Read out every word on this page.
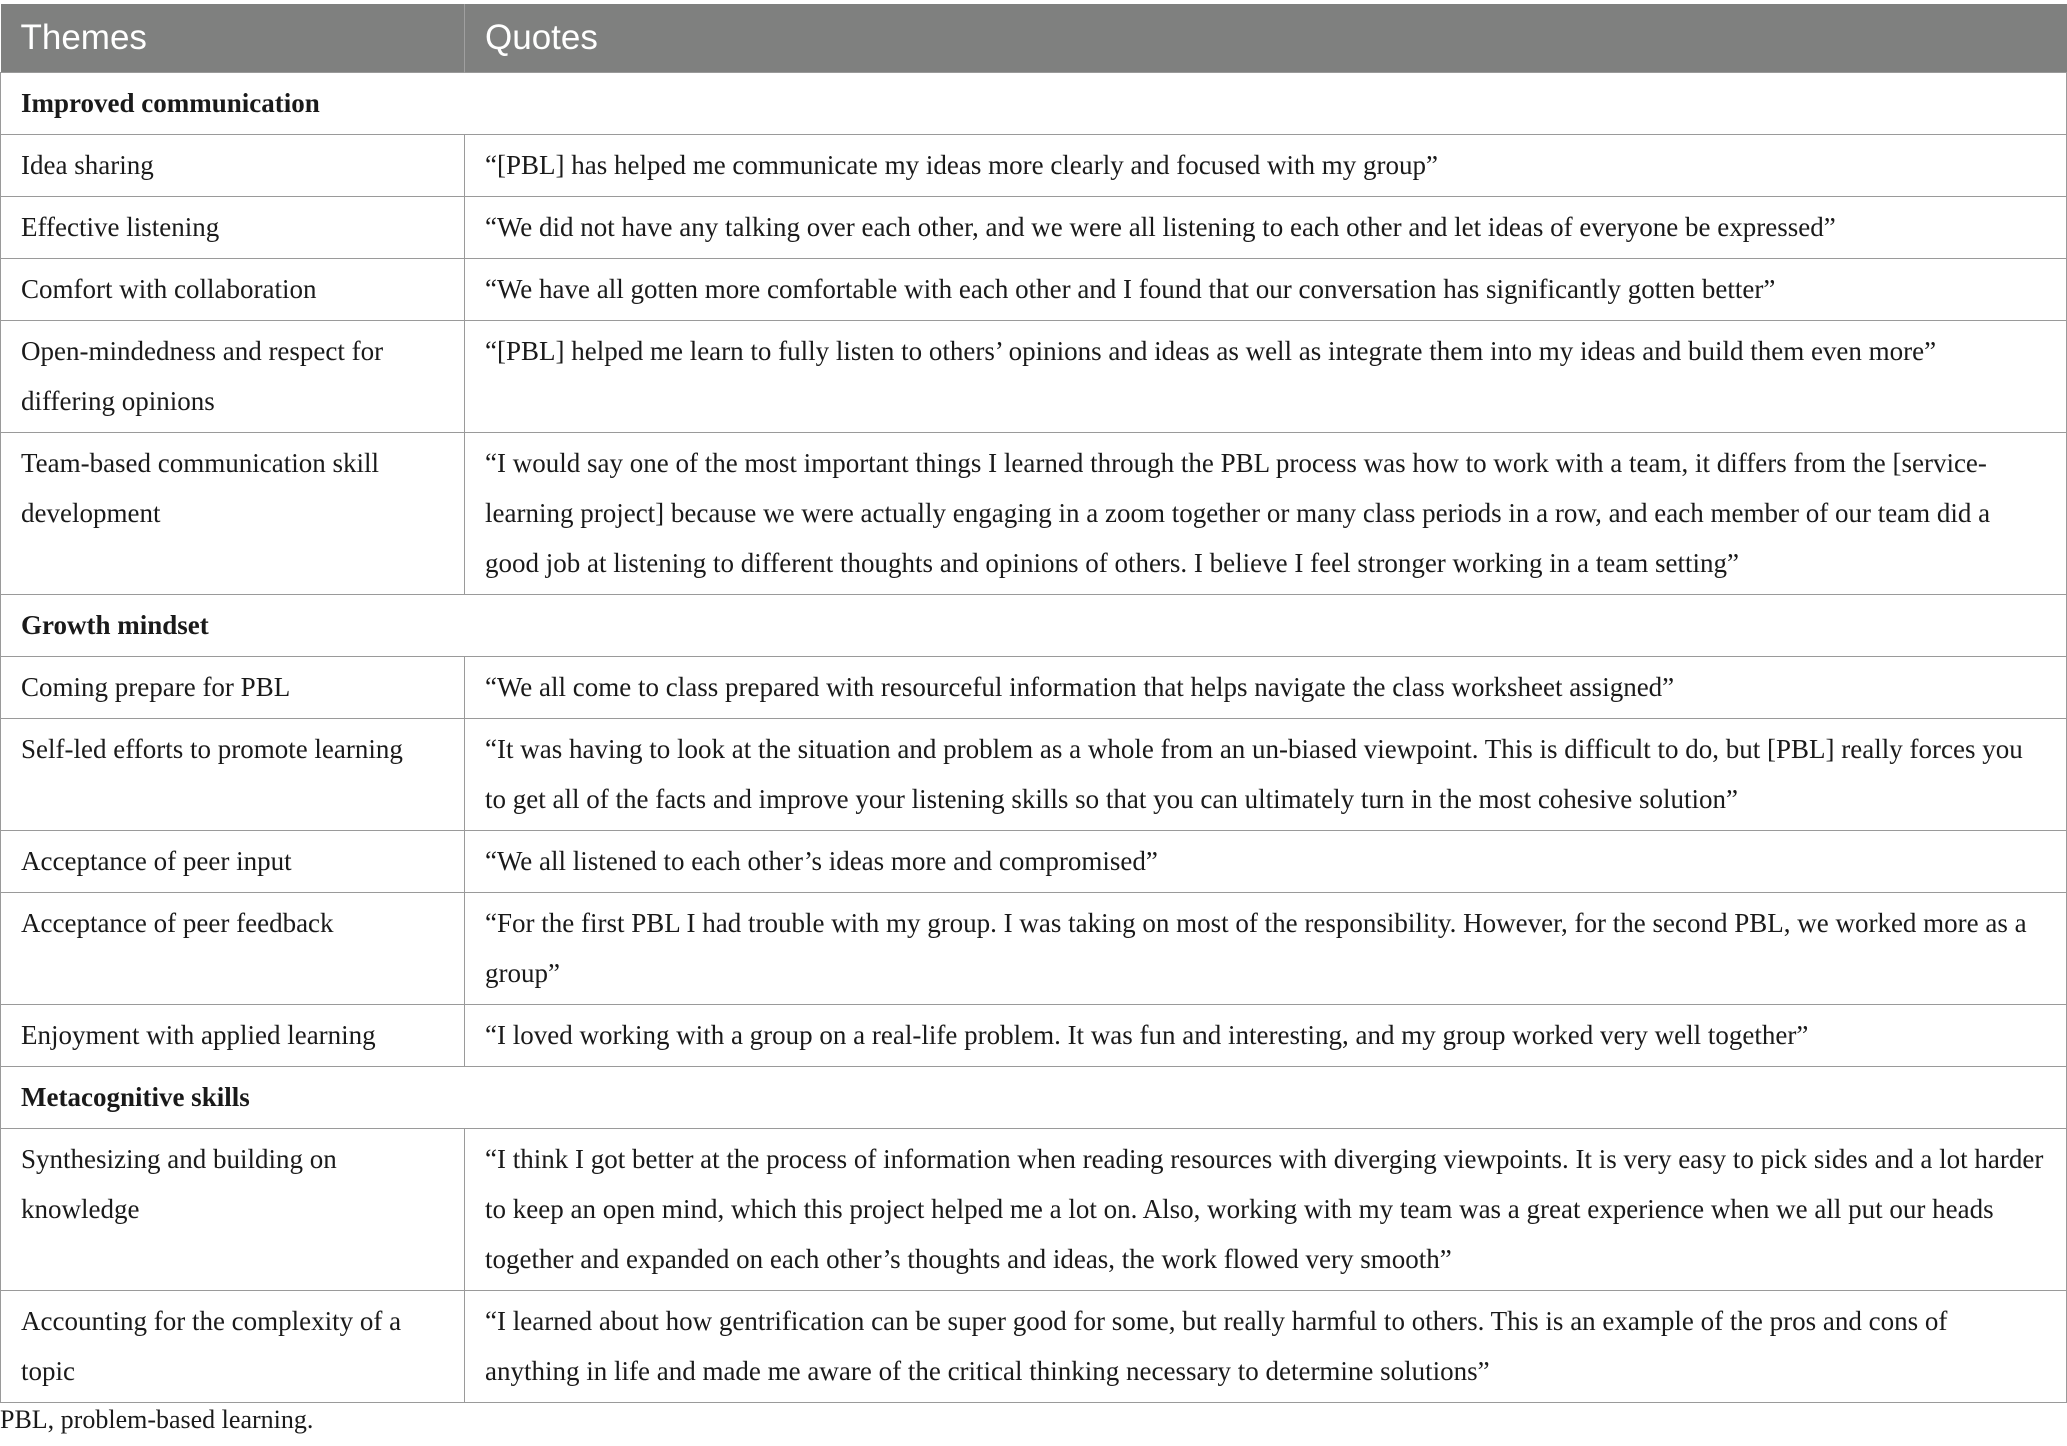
Themes	Quotes
Improved communication	
Idea sharing	“[PBL] has helped me communicate my ideas more clearly and focused with my group”
Effective listening	“We did not have any talking over each other, and we were all listening to each other and let ideas of everyone be expressed”
Comfort with collaboration	“We have all gotten more comfortable with each other and I found that our conversation has significantly gotten better”
Open-mindedness and respect for differing opinions	“[PBL] helped me learn to fully listen to others’ opinions and ideas as well as integrate them into my ideas and build them even more”
Team-based communication skill development	“I would say one of the most important things I learned through the PBL process was how to work with a team, it differs from the [service-learning project] because we were actually engaging in a zoom together or many class periods in a row, and each member of our team did a good job at listening to different thoughts and opinions of others. I believe I feel stronger working in a team setting”
Growth mindset	
Coming prepare for PBL	“We all come to class prepared with resourceful information that helps navigate the class worksheet assigned”
Self-led efforts to promote learning	“It was having to look at the situation and problem as a whole from an un-biased viewpoint. This is difficult to do, but [PBL] really forces you to get all of the facts and improve your listening skills so that you can ultimately turn in the most cohesive solution”
Acceptance of peer input	“We all listened to each other’s ideas more and compromised”
Acceptance of peer feedback	“For the first PBL I had trouble with my group. I was taking on most of the responsibility. However, for the second PBL, we worked more as a group”
Enjoyment with applied learning	“I loved working with a group on a real-life problem. It was fun and interesting, and my group worked very well together”
Metacognitive skills	
Synthesizing and building on knowledge	“I think I got better at the process of information when reading resources with diverging viewpoints. It is very easy to pick sides and a lot harder to keep an open mind, which this project helped me a lot on. Also, working with my team was a great experience when we all put our heads together and expanded on each other’s thoughts and ideas, the work flowed very smooth”
Accounting for the complexity of a topic	“I learned about how gentrification can be super good for some, but really harmful to others. This is an example of the pros and cons of anything in life and made me aware of the critical thinking necessary to determine solutions”
PBL, problem-based learning.
